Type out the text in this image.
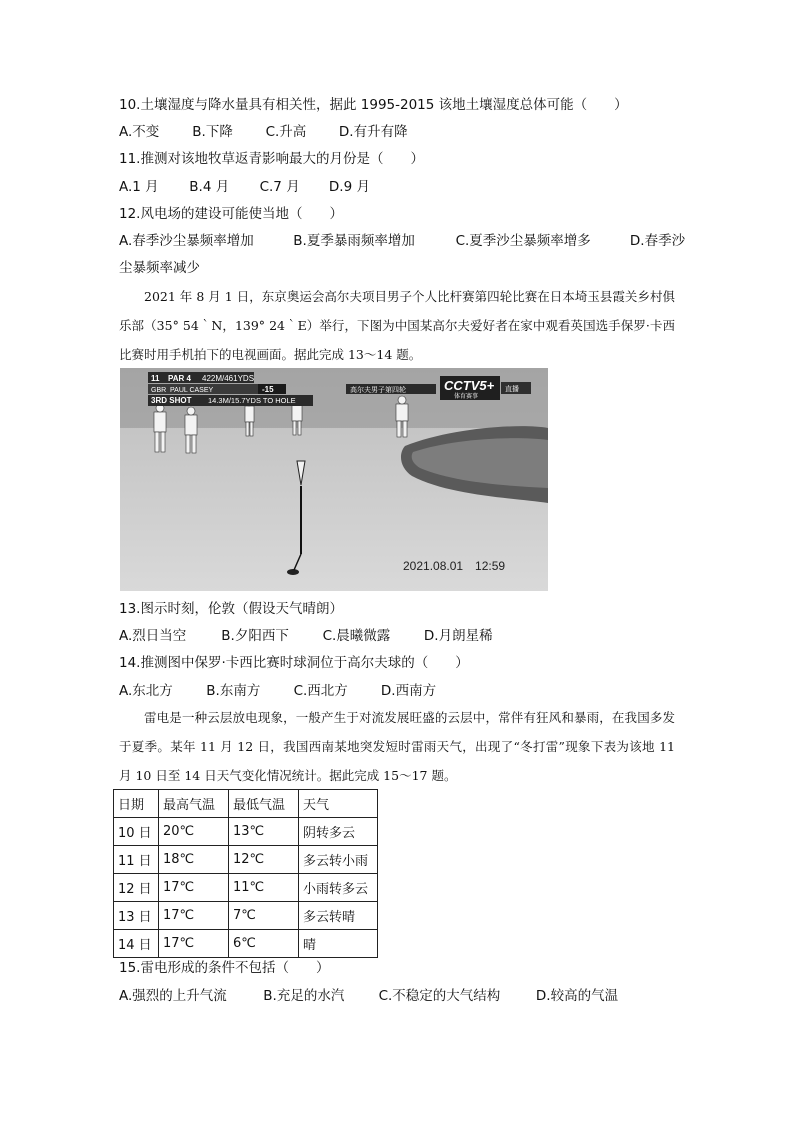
10.土壤湿度与降水量具有相关性，据此 1995-2015 该地土壤湿度总体可能（　　）
A.不变 B.下降 C.升高 D.有升有降
11.推测对该地牧草返青影响最大的月份是（　　）
A.1 月 B.4 月 C.7 月 D.9 月
12.风电场的建设可能使当地（　　）
A.春季沙尘暴频率增加	B.夏季暴雨频率增加	C.夏季沙尘暴频率增多	D.春季沙
尘暴频率减少
2021 年 8 月 1 日，东京奥运会高尔夫项目男子个人比杆赛第四轮比赛在日本埼玉县霞关乡村俱乐部（35° 54｀N，139° 24｀E）举行，下图为中国某高尔夫爱好者在家中观看英国选手保罗·卡西比赛时用手机拍下的电视画面。据此完成 13～14 题。
11 PAR 4 422M/461YDS
GBR PAUL CASEY	-15
3RD SHOT 14.3M/15.7YDS TO HOLE
高尔夫男子第四轮	CCTV5+
体育赛事
直播
2021.08.01　12:59
13.图示时刻，伦敦（假设天气晴朗）
A.烈日当空	B.夕阳西下 C.晨曦微露 D.月朗星稀
14.推测图中保罗·卡西比赛时球洞位于高尔夫球的（　　）
A.东北方 B.东南方 C.西北方 D.西南方
雷电是一种云层放电现象，一般产生于对流发展旺盛的云层中，常伴有狂风和暴雨，在我国多发于夏季。某年 11 月 12 日，我国西南某地突发短时雷雨天气，出现了“冬打雷”现象下表为该地 11 月 10 日至 14 日天气变化情况统计。据此完成 15～17 题。
日期	最高气温	最低气温	天气
10 日	20℃	13℃	阴转多云
11 日	18℃	12℃	多云转小雨
12 日	17℃	11℃	小雨转多云
13 日	17℃	7℃	多云转晴
14 日	17℃	6℃	晴
15.雷电形成的条件不包括（　　）
A.强烈的上升气流	B.充足的水汽	C.不稳定的大气结构	D.较高的气温
